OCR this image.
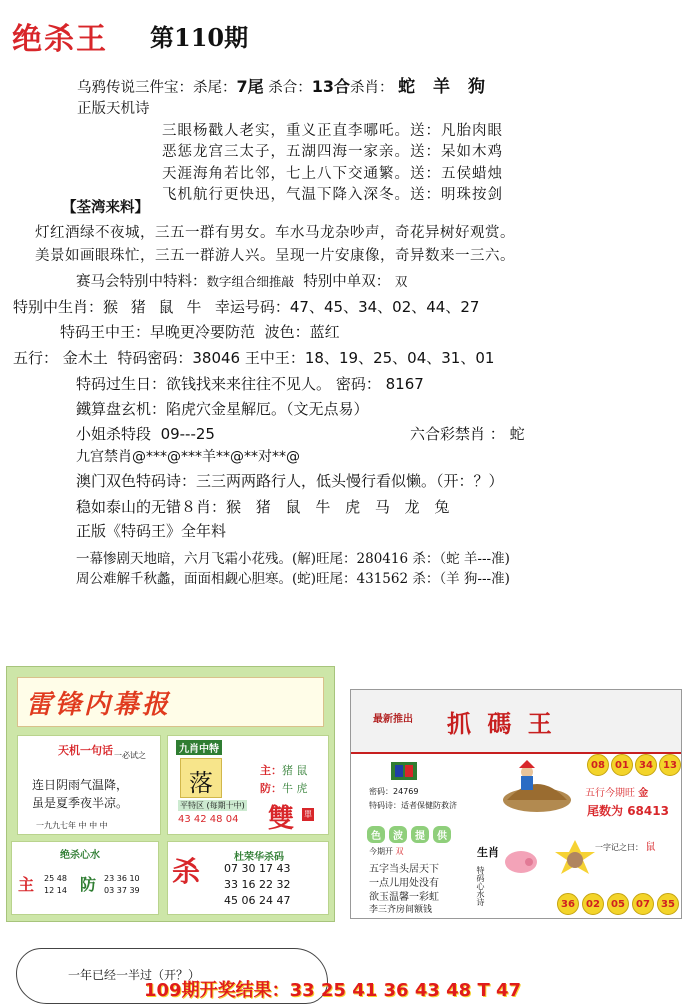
绝杀王 第110期
乌鸦传说三件宝：杀尾：7尾 杀合：13合杀肖： 蛇 羊 狗
正版天机诗
三眼杨戳人老实，重义正直李哪吒。送：凡胎肉眼
恶惩龙宫三太子，五湖四海一家亲。送：呆如木鸡
天涯海角若比邻，七上八下交通繁。送：五侯蜡烛
飞机航行更快迅，气温下降入深冬。送：明珠按剑
【荃湾来料】
灯红酒绿不夜城，三五一群有男女。车水马龙杂吵声，奇花异树好观赏。
美景如画眼珠忙，三五一群游人兴。呈现一片安康像，奇异数来一三六。
赛马会特别中特料：数字组合细推敲 特别中单双： 双
特别中生肖：猴 猪 鼠 牛 幸运号码：47、45、34、02、44、27
特码王中王：早晚更冷要防范 波色：蓝红
五行： 金木土 特码密码：38046 王中王：18、19、25、04、31、01
特码过生日：欲钱找来来往往不见人。 密码： 8167
鐵算盘玄机：陷虎穴金星解厄。（文无点易）
小姐杀特段 09---25	六合彩禁肖 ： 蛇
九宫禁肖@***@***羊**@**对**@
澳门双色特码诗：三三两两路行人，低头慢行看似懒。（开：？）
稳如泰山的无错８肖：猴 猪 鼠 牛 虎 马 龙 兔
正版《特码王》全年料
一幕惨剧天地暗，六月飞霜小花残。(解)旺尾：280416 杀：（蛇 羊---准)
周公难解千秋蠡，面面相觑心胆寒。(蛇)旺尾：431562 杀：（羊 狗---准)
雷锋内幕报
天机一句话 一必试之
连日阴雨气温降，
虽是夏季夜半凉。
一九九七年 中 中 中
九肖中特
落
平特区 (每期十中)
43 42 48 04
主：猪 鼠
防：牛 虎
雙 單
绝杀心水
主 25 48
12 14 防 23 36 10
03 37 39
杀	杜荣华杀码
07 30 17 43
33 16 22 32
45 06 24 47
最新推出 抓 碼 王
08	01	34	13
密码：24769
特码诗：适者保健防救济
五行今期旺 金
尾数为 68413
色	波	提	供
一字记之曰： 鼠
今期开 双	生肖
特码心水诗
五字当头居天下
一点儿用处没有
欲玉温馨一彩虹
李三齐房间额钱
36	02	05	07	35
一年已经一半过（开？）
109期开奖结果：33 25 41 36 43 48 T 47
